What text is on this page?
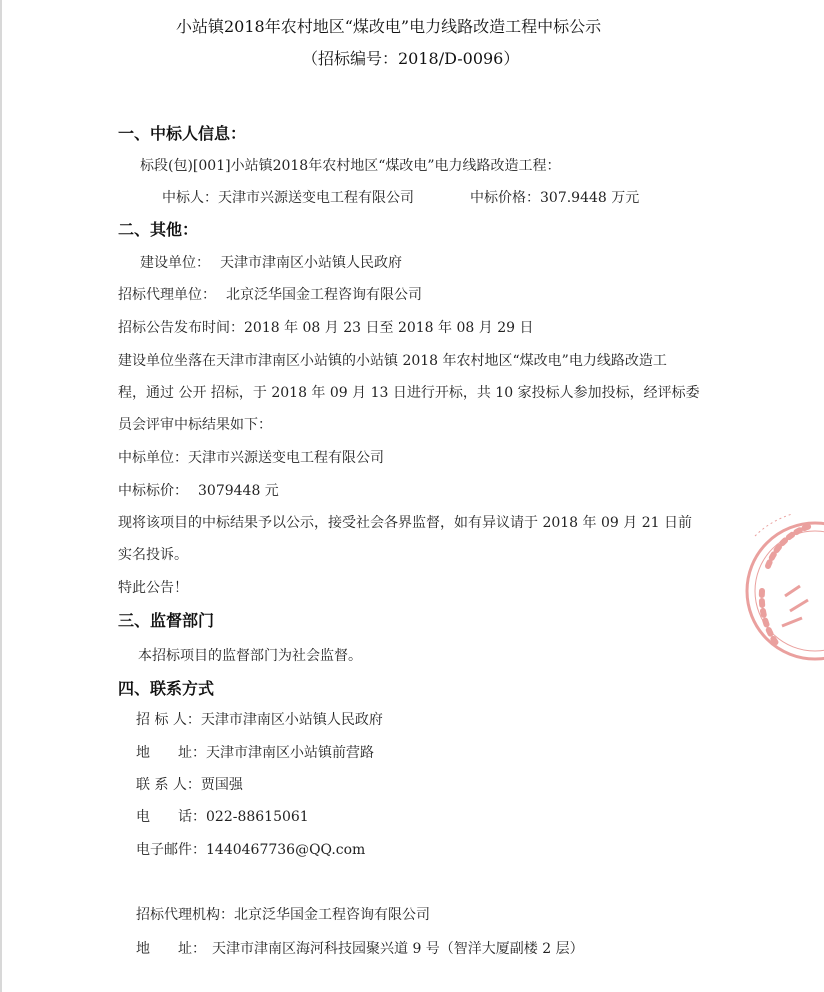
小站镇2018年农村地区“煤改电”电力线路改造工程中标公示
（招标编号：2018/D-0096）
一、中标人信息：
标段(包)[001]小站镇2018年农村地区“煤改电”电力线路改造工程：
中标人：天津市兴源送变电工程有限公司	中标价格：307.9448 万元
二、其他：
建设单位： 天津市津南区小站镇人民政府
招标代理单位： 北京泛华国金工程咨询有限公司
招标公告发布时间：2018 年 08 月 23 日至 2018 年 08 月 29 日
建设单位坐落在天津市津南区小站镇的小站镇 2018 年农村地区“煤改电”电力线路改造工
程，通过 公开 招标，于 2018 年 09 月 13 日进行开标，共 10 家投标人参加投标，经评标委
员会评审中标结果如下：
中标单位：天津市兴源送变电工程有限公司
中标标价： 3079448 元
现将该项目的中标结果予以公示，接受社会各界监督，如有异议请于 2018 年 09 月 21 日前
实名投诉。
特此公告！
三、监督部门
本招标项目的监督部门为社会监督。
四、联系方式
招 标 人：天津市津南区小站镇人民政府
地　　址：天津市津南区小站镇前营路
联 系 人：贾国强
电　　话：022-88615061
电子邮件：1440467736@QQ.com
招标代理机构：北京泛华国金工程咨询有限公司
地　　址： 天津市津南区海河科技园聚兴道 9 号（智洋大厦副楼 2 层）
